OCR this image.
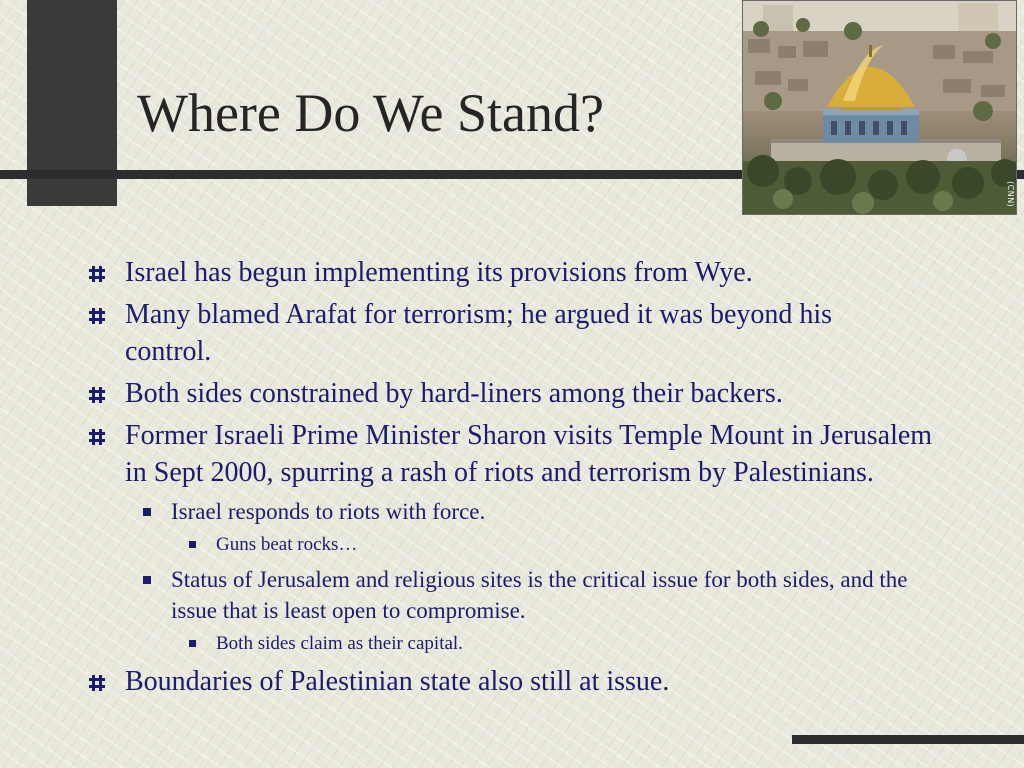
Where Do We Stand?
(CNN)
Israel has begun implementing its provisions from Wye.
Many blamed Arafat for terrorism; he argued it was beyond his control.
Both sides constrained by hard-liners among their backers.
Former Israeli Prime Minister Sharon visits Temple Mount in Jerusalem in Sept 2000, spurring a rash of riots and terrorism by Palestinians.
Israel responds to riots with force.
Guns beat rocks…
Status of Jerusalem and religious sites is the critical issue for both sides, and the issue that is least open to compromise.
Both sides claim as their capital.
Boundaries of Palestinian state also still at issue.
